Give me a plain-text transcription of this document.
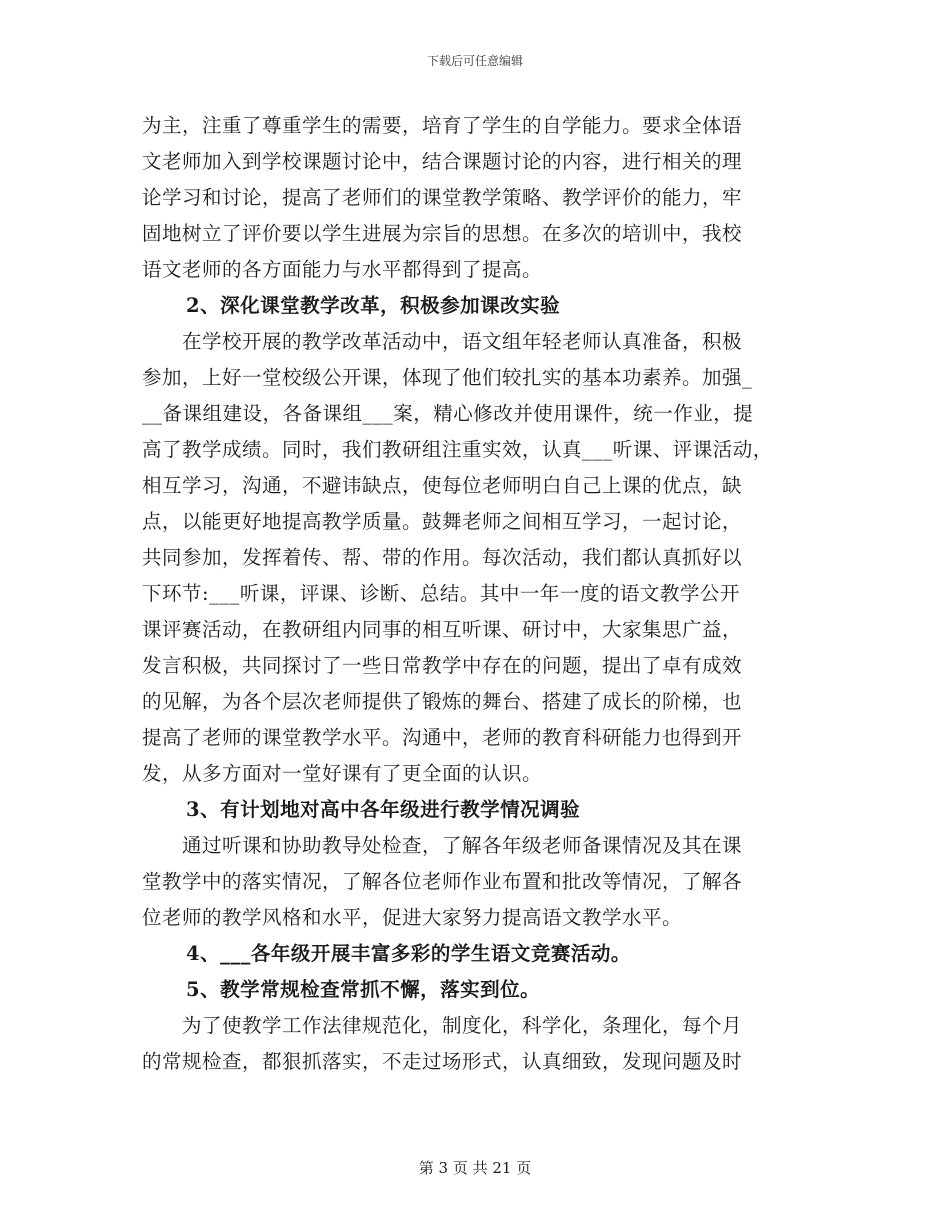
下载后可任意编辑
为主，注重了尊重学生的需要，培育了学生的自学能力。要求全体语
文老师加入到学校课题讨论中，结合课题讨论的内容，进行相关的理
论学习和讨论，提高了老师们的课堂教学策略、教学评价的能力，牢
固地树立了评价要以学生进展为宗旨的思想。在多次的培训中，我校
语文老师的各方面能力与水平都得到了提高。
2、深化课堂教学改革，积极参加课改实验
在学校开展的教学改革活动中，语文组年轻老师认真准备，积极
参加，上好一堂校级公开课，体现了他们较扎实的基本功素养。加强_
__备课组建设，各备课组___案，精心修改并使用课件，统一作业，提
高了教学成绩。同时，我们教研组注重实效，认真___听课、评课活动，
相互学习，沟通，不避讳缺点，使每位老师明白自己上课的优点，缺
点，以能更好地提高教学质量。鼓舞老师之间相互学习，一起讨论，
共同参加，发挥着传、帮、带的作用。每次活动，我们都认真抓好以
下环节:___听课，评课、诊断、总结。其中一年一度的语文教学公开
课评赛活动，在教研组内同事的相互听课、研讨中，大家集思广益，
发言积极，共同探讨了一些日常教学中存在的问题，提出了卓有成效
的见解，为各个层次老师提供了锻炼的舞台、搭建了成长的阶梯，也
提高了老师的课堂教学水平。沟通中，老师的教育科研能力也得到开
发，从多方面对一堂好课有了更全面的认识。
3、有计划地对高中各年级进行教学情况调验
通过听课和协助教导处检查，了解各年级老师备课情况及其在课
堂教学中的落实情况，了解各位老师作业布置和批改等情况，了解各
位老师的教学风格和水平，促进大家努力提高语文教学水平。
4、___各年级开展丰富多彩的学生语文竞赛活动。
5、教学常规检查常抓不懈，落实到位。
为了使教学工作法律规范化，制度化，科学化，条理化，每个月
的常规检查，都狠抓落实，不走过场形式，认真细致，发现问题及时
第 3 页 共 21 页
